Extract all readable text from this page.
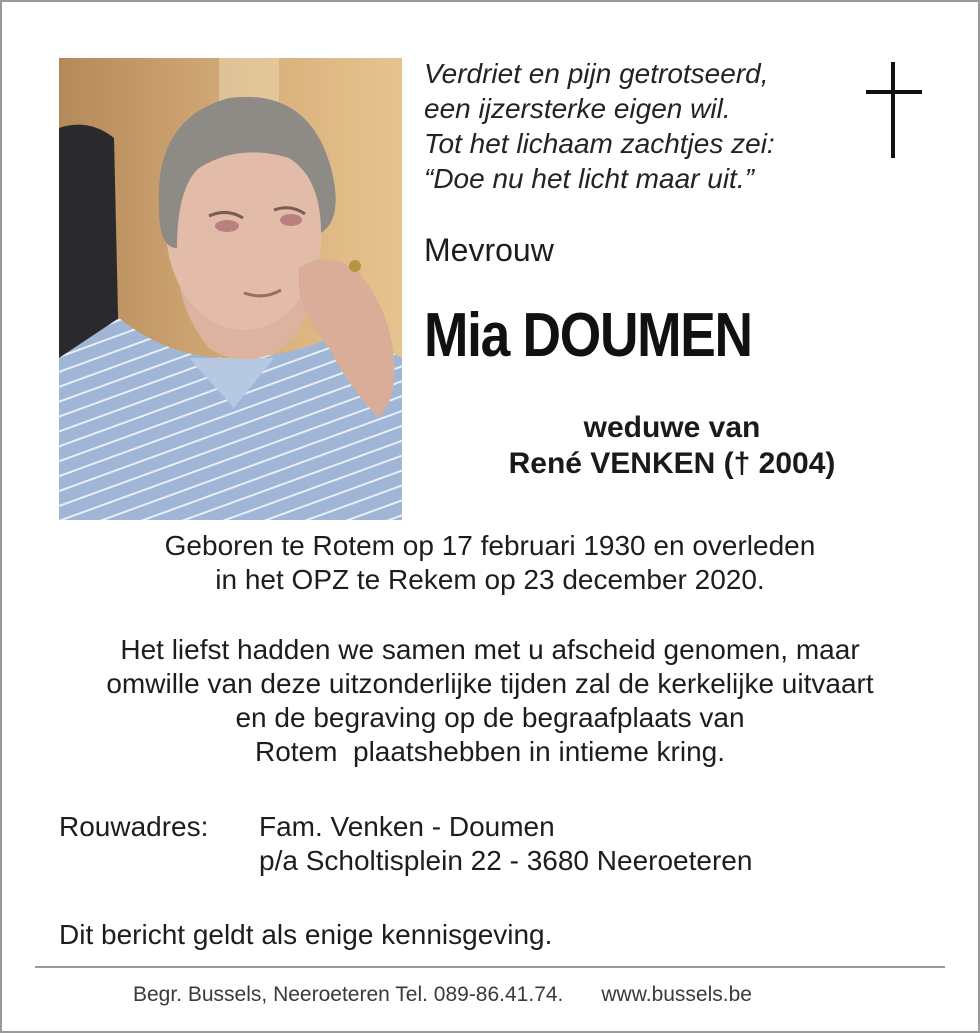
Verdriet en pijn getrotseerd,
een ijzersterke eigen wil.
Tot het lichaam zachtjes zei:
“Doe nu het licht maar uit.”
Mevrouw
Mia DOUMEN
weduwe van
René VENKEN († 2004)
Geboren te Rotem op 17 februari 1930 en overleden
in het OPZ te Rekem op 23 december 2020.
Het liefst hadden we samen met u afscheid genomen, maar
omwille van deze uitzonderlijke tijden zal de kerkelijke uitvaart
en de begraving op de begraafplaats van
Rotem  plaatshebben in intieme kring.
Rouwadres: Fam. Venken - Doumen
p/a Scholtisplein 22 - 3680 Neeroeteren
Dit bericht geldt als enige kennisgeving.
Begr. Bussels, Neeroeteren Tel. 089-86.41.74. www.bussels.be
